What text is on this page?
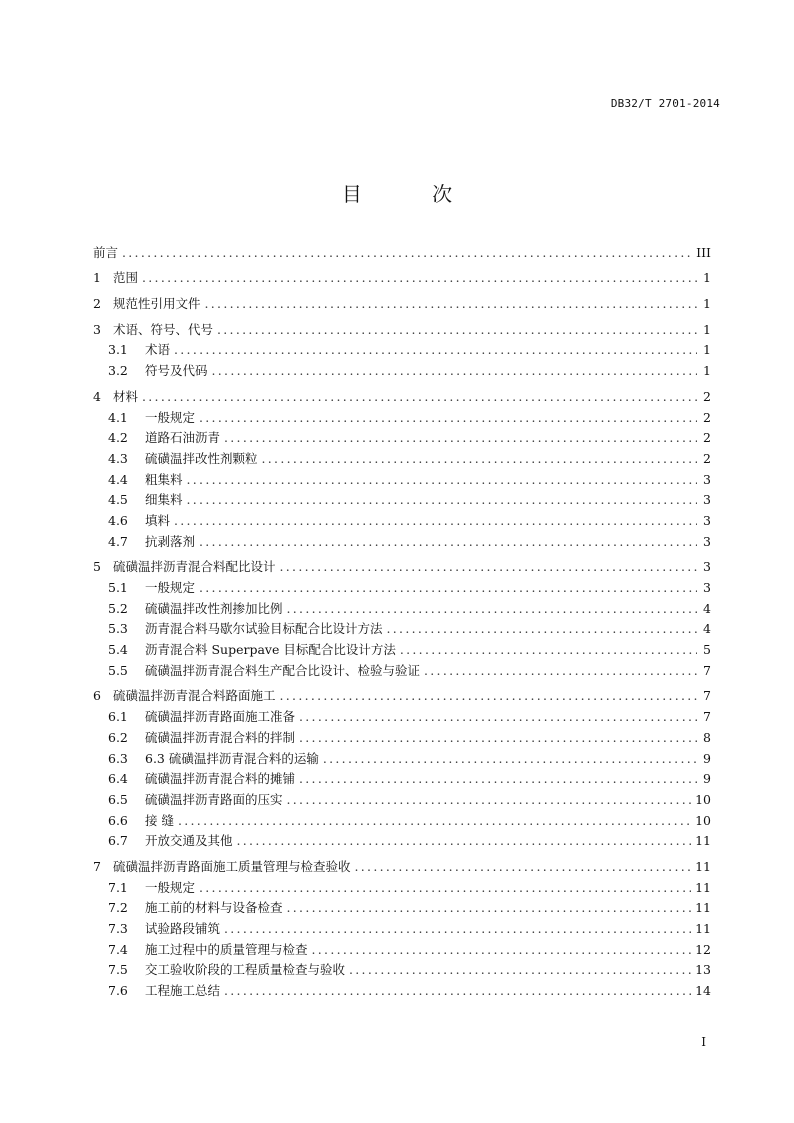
DB32/T 2701-2014
目 次
前言 .....	III
1 范围 .....	1
2 规范性引用文件 .....	1
3 术语、符号、代号 .....	1
3.1	术语 .....	1
3.2	符号及代码 .....	1
4 材料 .....	2
4.1	一般规定 .....	2
4.2	道路石油沥青 .....	2
4.3	硫磺温拌改性剂颗粒 .....	2
4.4	粗集料 .....	3
4.5	细集料 .....	3
4.6	填料 .....	3
4.7	抗剥落剂 .....	3
5 硫磺温拌沥青混合料配比设计 .....	3
5.1	一般规定 .....	3
5.2	硫磺温拌改性剂掺加比例 .....	4
5.3	沥青混合料马歇尔试验目标配合比设计方法 .....	4
5.4	沥青混合料 Superpave 目标配合比设计方法 .....	5
5.5	硫磺温拌沥青混合料生产配合比设计、检验与验证 .....	7
6 硫磺温拌沥青混合料路面施工 .....	7
6.1	硫磺温拌沥青路面施工准备 .....	7
6.2	硫磺温拌沥青混合料的拌制 .....	8
6.3	6.3 硫磺温拌沥青混合料的运输 .....	9
6.4	硫磺温拌沥青混合料的摊铺 .....	9
6.5	硫磺温拌沥青路面的压实 .....	10
6.6	接 缝 .....	10
6.7	开放交通及其他 .....	11
7 硫磺温拌沥青路面施工质量管理与检查验收 .....	11
7.1	一般规定 .....	11
7.2	施工前的材料与设备检查 .....	11
7.3	试验路段铺筑 .....	11
7.4	施工过程中的质量管理与检查 .....	12
7.5	交工验收阶段的工程质量检查与验收 .....	13
7.6	工程施工总结 .....	14
I
